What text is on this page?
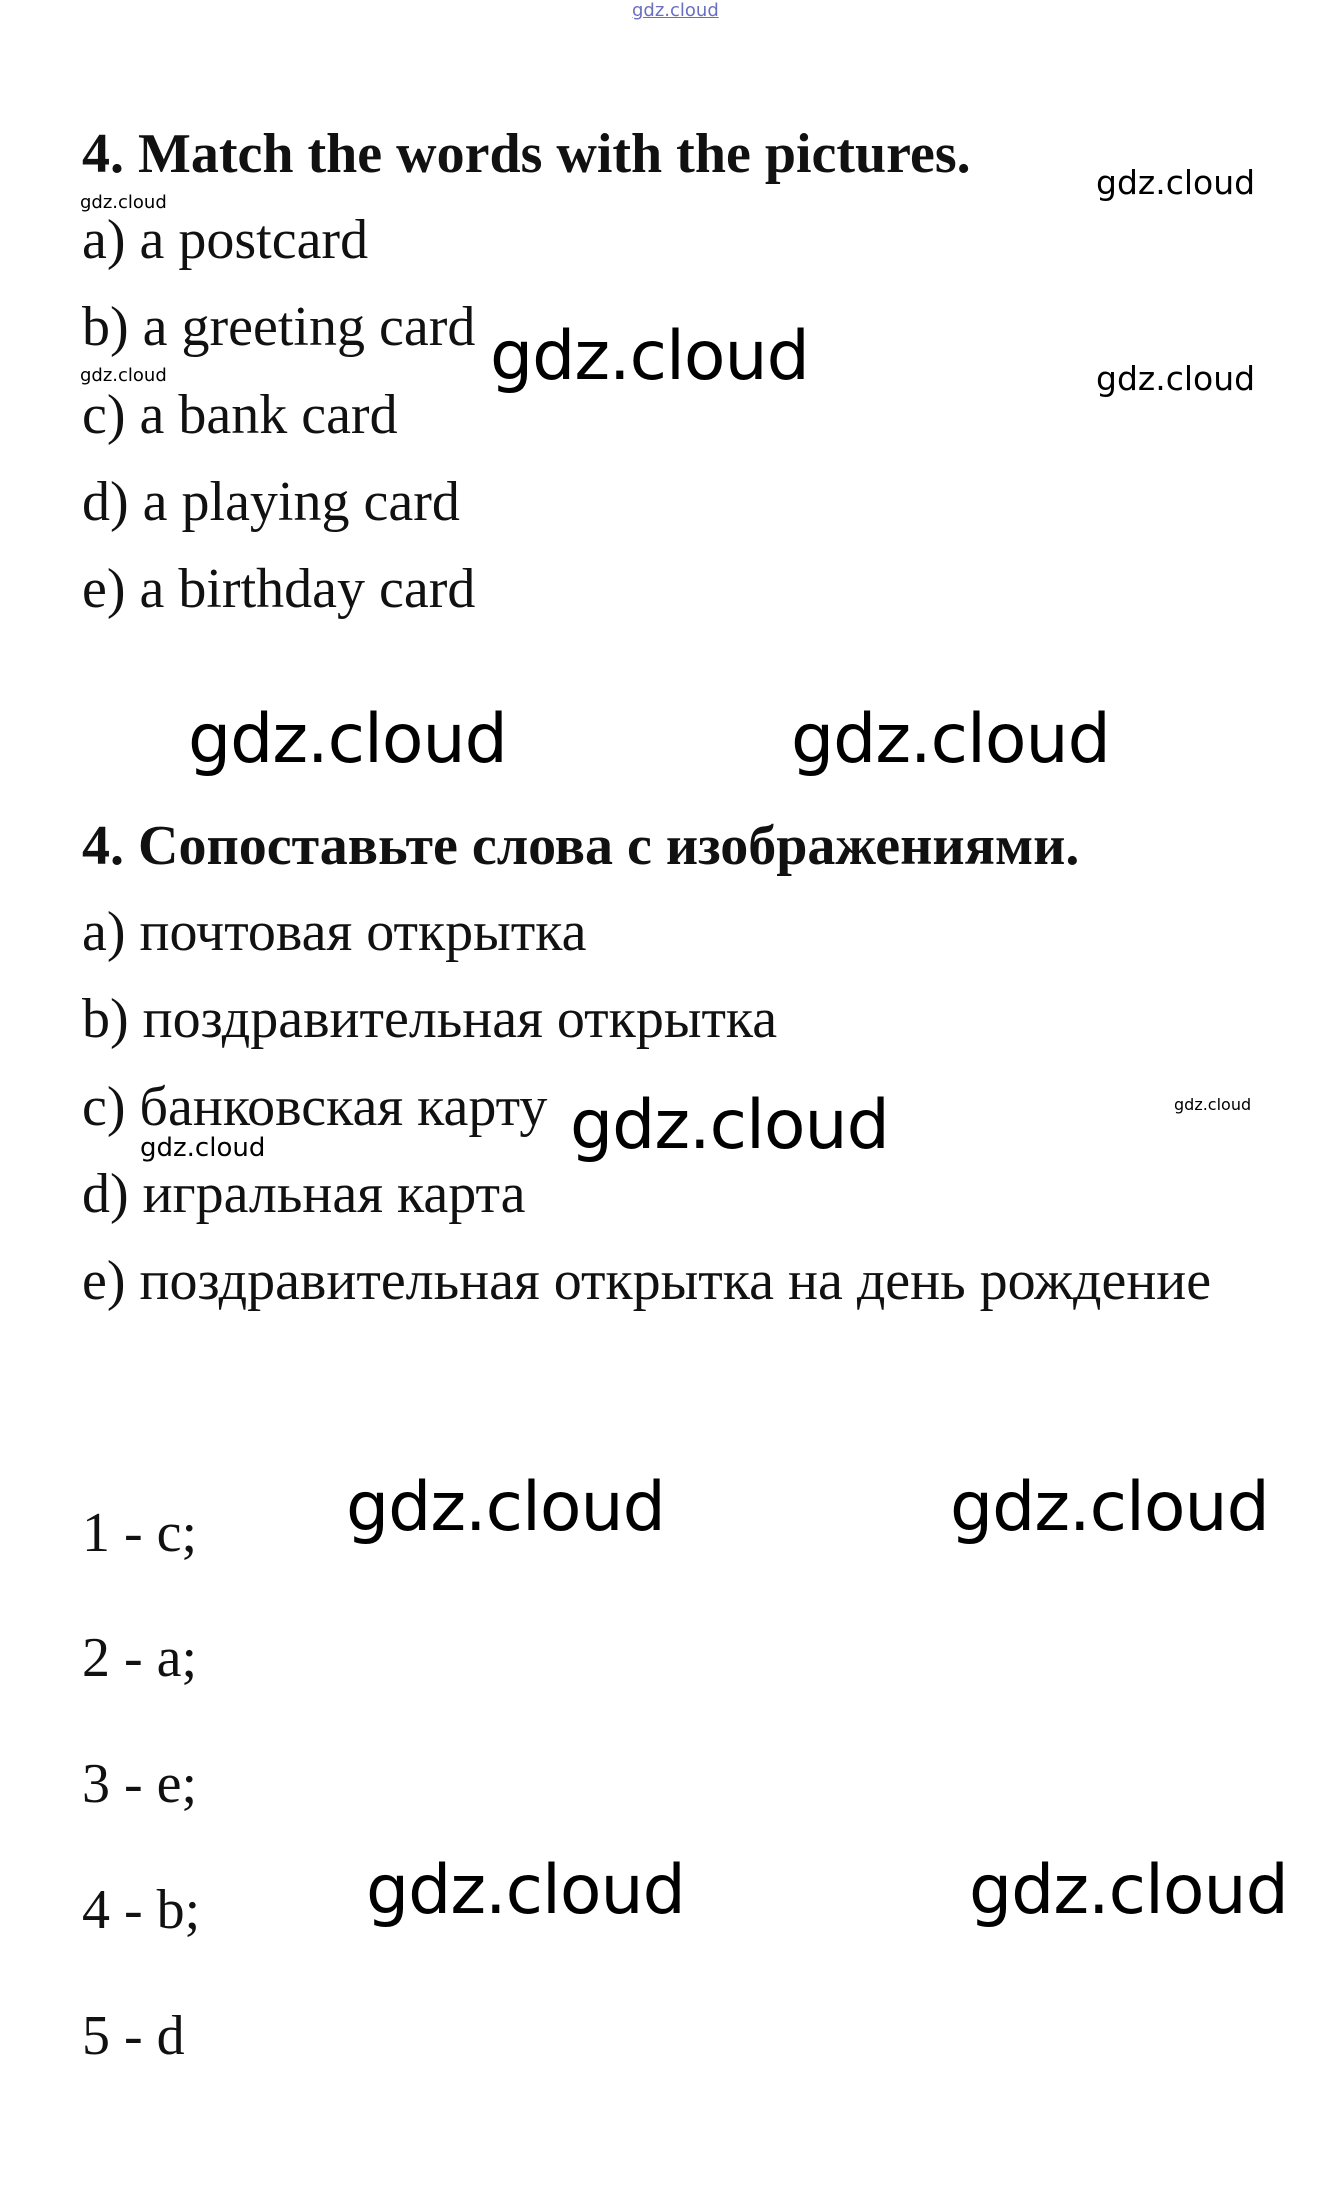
gdz.cloud
4. Match the words with the pictures.	gdz.cloud
gdz.cloud
a) a postcard
b) a greeting card gdz.cloud	gdz.cloud
gdz.cloud
c) a bank card
d) a playing card
e) a birthday card
gdz.cloud	gdz.cloud
4. Сопоставьте слова с изображениями.
a) почтовая открытка
b) поздравительная открытка
c) банковская карту gdz.cloud	gdz.cloud
gdz.cloud
d) игральная карта
e) поздравительная открытка на день рождение
1 - c; gdz.cloud	gdz.cloud
2 - a;
3 - e;
4 - b; gdz.cloud	gdz.cloud
5 - d
